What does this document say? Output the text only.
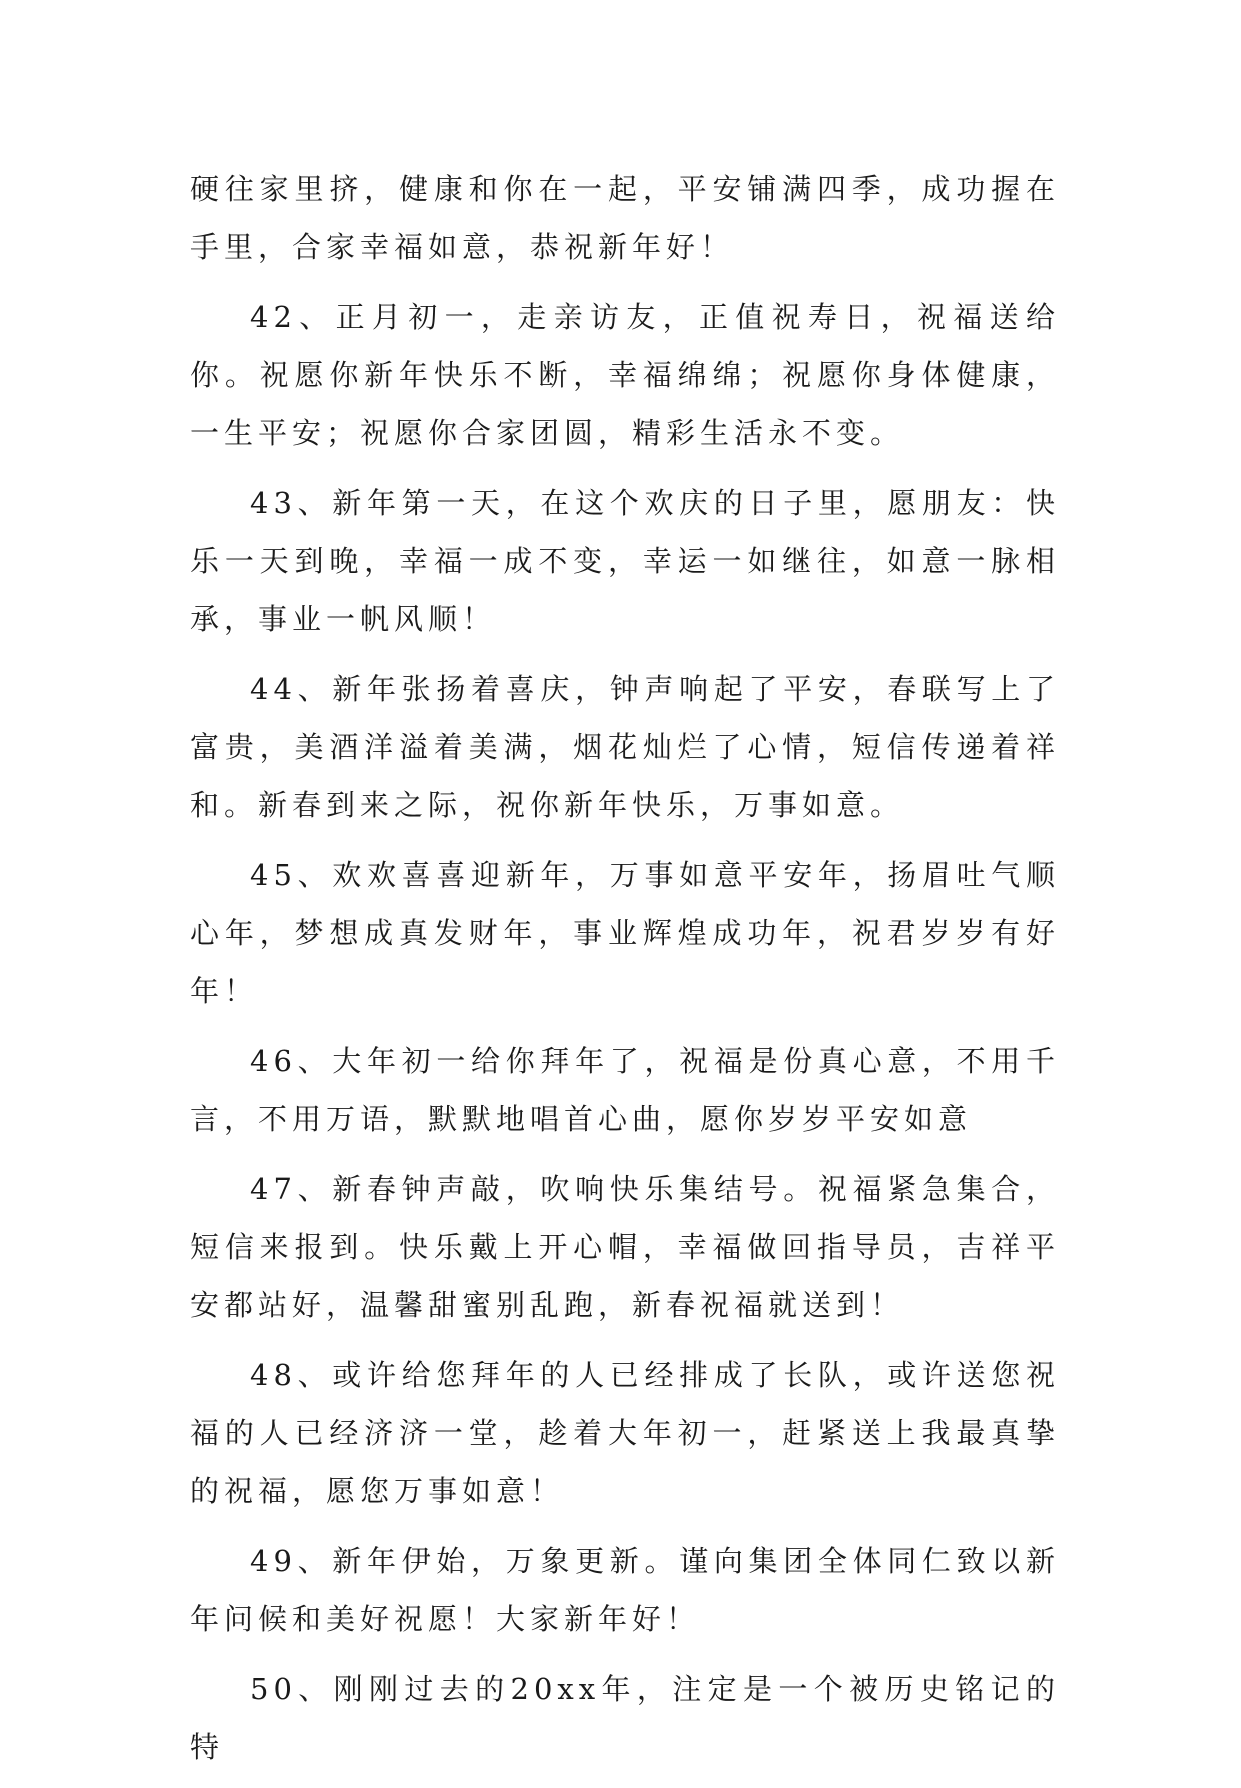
硬往家里挤，健康和你在一起，平安铺满四季，成功握在手里，合家幸福如意，恭祝新年好！

42、正月初一，走亲访友，正值祝寿日，祝福送给你。祝愿你新年快乐不断，幸福绵绵；祝愿你身体健康，一生平安；祝愿你合家团圆，精彩生活永不变。

43、新年第一天，在这个欢庆的日子里，愿朋友：快乐一天到晚，幸福一成不变，幸运一如继往，如意一脉相承，事业一帆风顺！

44、新年张扬着喜庆，钟声响起了平安，春联写上了富贵，美酒洋溢着美满，烟花灿烂了心情，短信传递着祥和。新春到来之际，祝你新年快乐，万事如意。

45、欢欢喜喜迎新年，万事如意平安年，扬眉吐气顺心年，梦想成真发财年，事业辉煌成功年，祝君岁岁有好年！

46、大年初一给你拜年了，祝福是份真心意，不用千言，不用万语，默默地唱首心曲，愿你岁岁平安如意

47、新春钟声敲，吹响快乐集结号。祝福紧急集合，短信来报到。快乐戴上开心帽，幸福做回指导员，吉祥平安都站好，温馨甜蜜别乱跑，新春祝福就送到！

48、或许给您拜年的人已经排成了长队，或许送您祝福的人已经济济一堂，趁着大年初一，赶紧送上我最真挚的祝福，愿您万事如意！

49、新年伊始，万象更新。谨向集团全体同仁致以新年问候和美好祝愿！大家新年好！

50、刚刚过去的20xx年，注定是一个被历史铭记的特
